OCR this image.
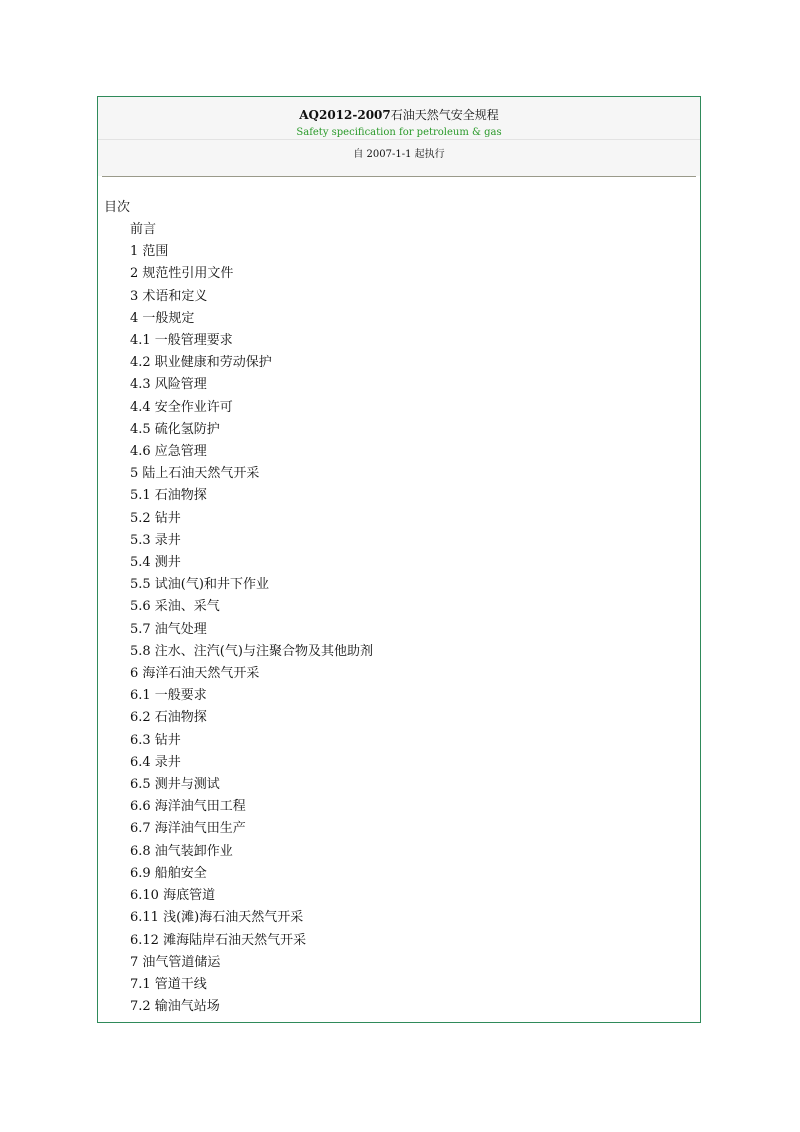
AQ2012-2007石油天然气安全规程
Safety specification for petroleum & gas
自 2007-1-1 起执行
目次
前言
1 范围
2 规范性引用文件
3 术语和定义
4 一般规定
4.1 一般管理要求
4.2 职业健康和劳动保护
4.3 风险管理
4.4 安全作业许可
4.5 硫化氢防护
4.6 应急管理
5 陆上石油天然气开采
5.1 石油物探
5.2 钻井
5.3 录井
5.4 测井
5.5 试油(气)和井下作业
5.6 采油、采气
5.7 油气处理
5.8 注水、注汽(气)与注聚合物及其他助剂
6 海洋石油天然气开采
6.1 一般要求
6.2 石油物探
6.3 钻井
6.4 录井
6.5 测井与测试
6.6 海洋油气田工程
6.7 海洋油气田生产
6.8 油气装卸作业
6.9 船舶安全
6.10 海底管道
6.11 浅(滩)海石油天然气开采
6.12 滩海陆岸石油天然气开采
7 油气管道储运
7.1 管道干线
7.2 输油气站场
